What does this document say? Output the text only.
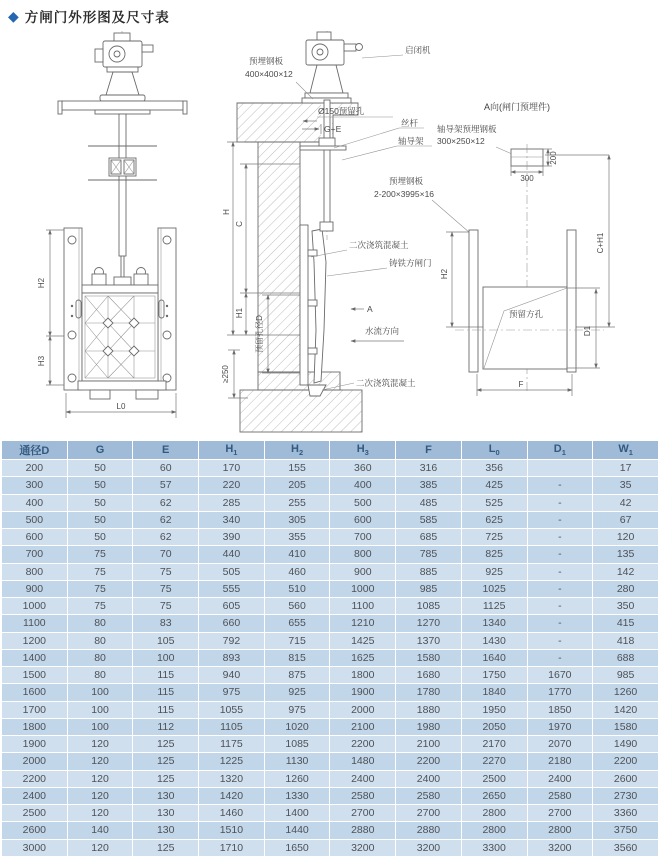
◆ 方闸门外形图及尺寸表
H2
H3
L0
H
C
H1
预留孔径D
≥250
启闭机
预埋钢板
400×400×12
Ø150预留孔
G+E
丝杆
轴导架
二次浇筑混凝土
铸铁方闸门
A
水流方向
二次浇筑混凝土
预埋钢板
2-200×3995×16
A向(闸门预埋件)
轴导架预埋钢板
300×250×12
200
300
C+H1
H2
预留方孔
D1
F
通径D	G	E	$H_1$	$H_2$	$H_3$	F	$L_0$	$D_1$	$W_1$
200	50	60	170	155	360	316	356		17
300	50	57	220	205	400	385	425	-	35
400	50	62	285	255	500	485	525	-	42
500	50	62	340	305	600	585	625	-	67
600	50	62	390	355	700	685	725	-	120
700	75	70	440	410	800	785	825	-	135
800	75	75	505	460	900	885	925	-	142
900	75	75	555	510	1000	985	1025	-	280
1000	75	75	605	560	1100	1085	1125	-	350
1100	80	83	660	655	1210	1270	1340	-	415
1200	80	105	792	715	1425	1370	1430	-	418
1400	80	100	893	815	1625	1580	1640	-	688
1500	80	115	940	875	1800	1680	1750	1670	985
1600	100	115	975	925	1900	1780	1840	1770	1260
1700	100	115	1055	975	2000	1880	1950	1850	1420
1800	100	112	1105	1020	2100	1980	2050	1970	1580
1900	120	125	1175	1085	2200	2100	2170	2070	1490
2000	120	125	1225	1130	1480	2200	2270	2180	2200
2200	120	125	1320	1260	2400	2400	2500	2400	2600
2400	120	130	1420	1330	2580	2580	2650	2580	2730
2500	120	130	1460	1400	2700	2700	2800	2700	3360
2600	140	130	1510	1440	2880	2880	2800	2800	3750
3000	120	125	1710	1650	3200	3200	3300	3200	3560
